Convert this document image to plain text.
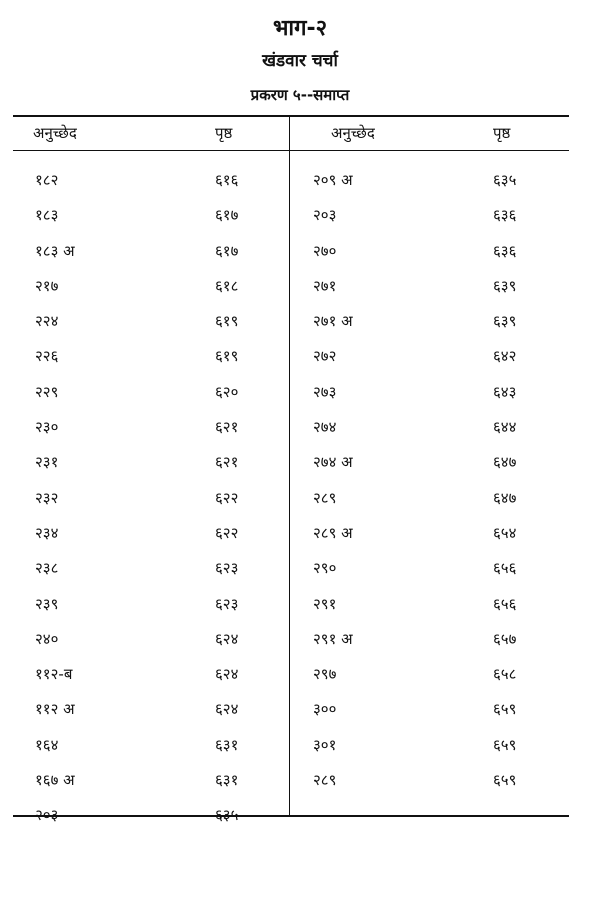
भाग-२
खंडवार चर्चा
प्रकरण ५--समाप्त
अनुच्छेद	पृष्ठ	अनुच्छेद	पृष्ठ
१८२	६१६	२०९ अ	६३५
१८३	६१७	२०३	६३६
१८३ अ	६१७	२७०	६३६
२१७	६१८	२७१	६३९
२२४	६१९	२७१ अ	६३९
२२६	६१९	२७२	६४२
२२९	६२०	२७३	६४३
२३०	६२१	२७४	६४४
२३१	६२१	२७४ अ	६४७
२३२	६२२	२८९	६४७
२३४	६२२	२८९ अ	६५४
२३८	६२३	२९०	६५६
२३९	६२३	२९१	६५६
२४०	६२४	२९१ अ	६५७
११२-ब	६२४	२९७	६५८
११२ अ	६२४	३००	६५९
१६४	६३१	३०१	६५९
१६७ अ	६३१	२८९	६५९
२०३	६३५
